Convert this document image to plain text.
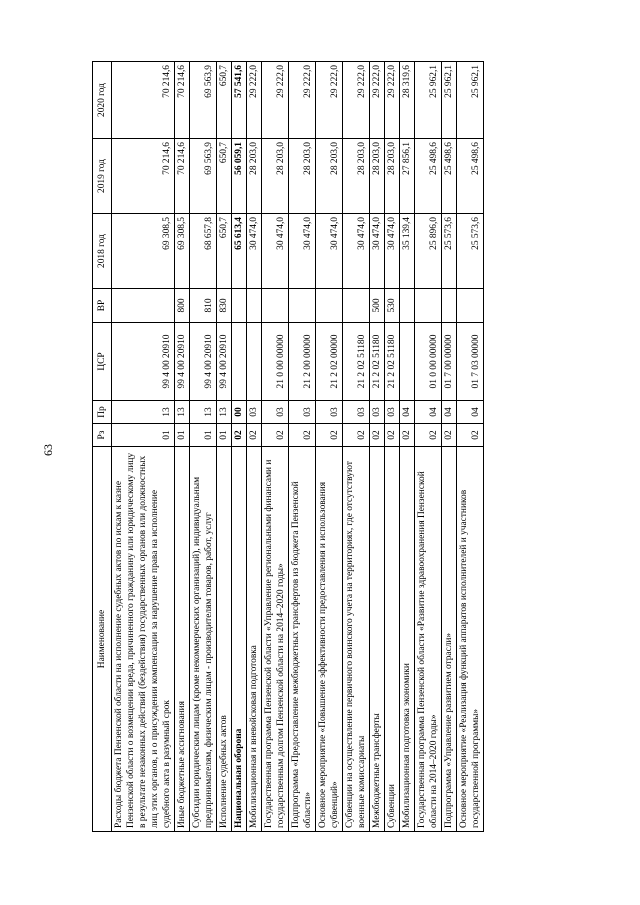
63
Наименование	Рз	Пр	ЦСР	ВР	2018 год	2019 год	2020 год
Расходы бюджета Пензенской области на исполнение судебных актов по искам к казне Пензенской области о возмещении вреда, причиненного гражданину или юридическому лицу в результате незаконных действий (бездействия) государственных органов или должностных лиц этих органов, и о присуждении компенсации за нарушение права на исполнение судебного акта в разумный срок	01	13	99 4 00 20910		69 308,5	70 214,6	70 214,6
Иные бюджетные ассигнования	01	13	99 4 00 20910	800	69 308,5	70 214,6	70 214,6
Субсидии юридическим лицам (кроме некоммерческих организаций), индивидуальным предпринимателям, физическим лицам - производителям товаров, работ, услуг	01	13	99 4 00 20910	810	68 657,8	69 563,9	69 563,9
Исполнение судебных актов	01	13	99 4 00 20910	830	650,7	650,7	650,7
Национальная оборона	02	00			65 613,4	56 059,1	57 541,6
Мобилизационная и вневойсковая подготовка	02	03			30 474,0	28 203,0	29 222,0
Государственная программа Пензенской области «Управление региональными финансами и государственным долгом Пензенской области на 2014–2020 годы»	02	03	21 0 00 00000		30 474,0	28 203,0	29 222,0
Подпрограмма «Предоставление межбюджетных трансфертов из бюджета Пензенской области»	02	03	21 2 00 00000		30 474,0	28 203,0	29 222,0
Основное мероприятие «Повышение эффективности предоставления и использования субвенций»	02	03	21 2 02 00000		30 474,0	28 203,0	29 222,0
Субвенции на осуществление первичного воинского учета на территориях, где отсутствуют военные комиссариаты	02	03	21 2 02 51180		30 474,0	28 203,0	29 222,0
Межбюджетные трансферты	02	03	21 2 02 51180	500	30 474,0	28 203,0	29 222,0
Субвенции	02	03	21 2 02 51180	530	30 474,0	28 203,0	29 222,0
Мобилизационная подготовка экономики	02	04			35 139,4	27 856,1	28 319,6
Государственная программа Пензенской области «Развитие здравоохранения Пензенской области на 2014–2020 годы»	02	04	01 0 00 00000		25 896,0	25 498,6	25 962,1
Подпрограмма «Управление развитием отрасли»	02	04	01 7 00 00000		25 573,6	25 498,6	25 962,1
Основное мероприятие «Реализация функций аппаратов исполнителей и участников государственной программы»	02	04	01 7 03 00000		25 573,6	25 498,6	25 962,1
